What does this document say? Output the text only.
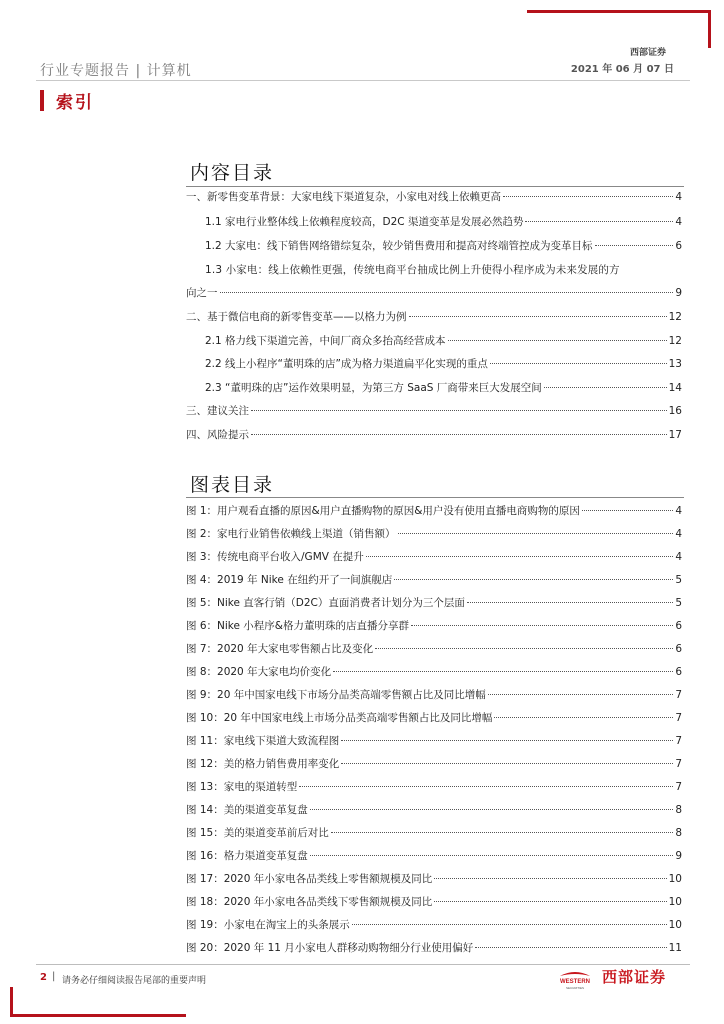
行业专题报告 | 计算机
西部证券
2021 年 06 月 07 日
索引
内容目录
一、新零售变革背景：大家电线下渠道复杂，小家电对线上依赖更高	4
1.1 家电行业整体线上依赖程度较高，D2C 渠道变革是发展必然趋势	4
1.2 大家电：线下销售网络错综复杂，较少销售费用和提高对终端管控成为变革目标	6
1.3 小家电：线上依赖性更强，传统电商平台抽成比例上升使得小程序成为未来发展的方
向之一	9
二、基于微信电商的新零售变革——以格力为例	12
2.1 格力线下渠道完善，中间厂商众多抬高经营成本	12
2.2 线上小程序“董明珠的店”成为格力渠道扁平化实现的重点	13
2.3 “董明珠的店”运作效果明显，为第三方 SaaS 厂商带来巨大发展空间	14
三、建议关注	16
四、风险提示	17
图表目录
图 1：用户观看直播的原因&用户直播购物的原因&用户没有使用直播电商购物的原因	4
图 2：家电行业销售依赖线上渠道（销售额）	4
图 3：传统电商平台收入/GMV 在提升	4
图 4：2019 年 Nike 在纽约开了一间旗舰店	5
图 5：Nike 直客行销（D2C）直面消费者计划分为三个层面	5
图 6：Nike 小程序&格力董明珠的店直播分享群	6
图 7：2020 年大家电零售额占比及变化	6
图 8：2020 年大家电均价变化	6
图 9：20 年中国家电线下市场分品类高端零售额占比及同比增幅	7
图 10：20 年中国家电线上市场分品类高端零售额占比及同比增幅	7
图 11：家电线下渠道大致流程图	7
图 12：美的格力销售费用率变化	7
图 13：家电的渠道转型	7
图 14：美的渠道变革复盘	8
图 15：美的渠道变革前后对比	8
图 16：格力渠道变革复盘	9
图 17：2020 年小家电各品类线上零售额规模及同比	10
图 18：2020 年小家电各品类线下零售额规模及同比	10
图 19：小家电在淘宝上的头条展示	10
图 20：2020 年 11 月小家电人群移动购物细分行业使用偏好	11
2 | 请务必仔细阅读报告尾部的重要声明	WESTERN
SECURITIES
西部证券
